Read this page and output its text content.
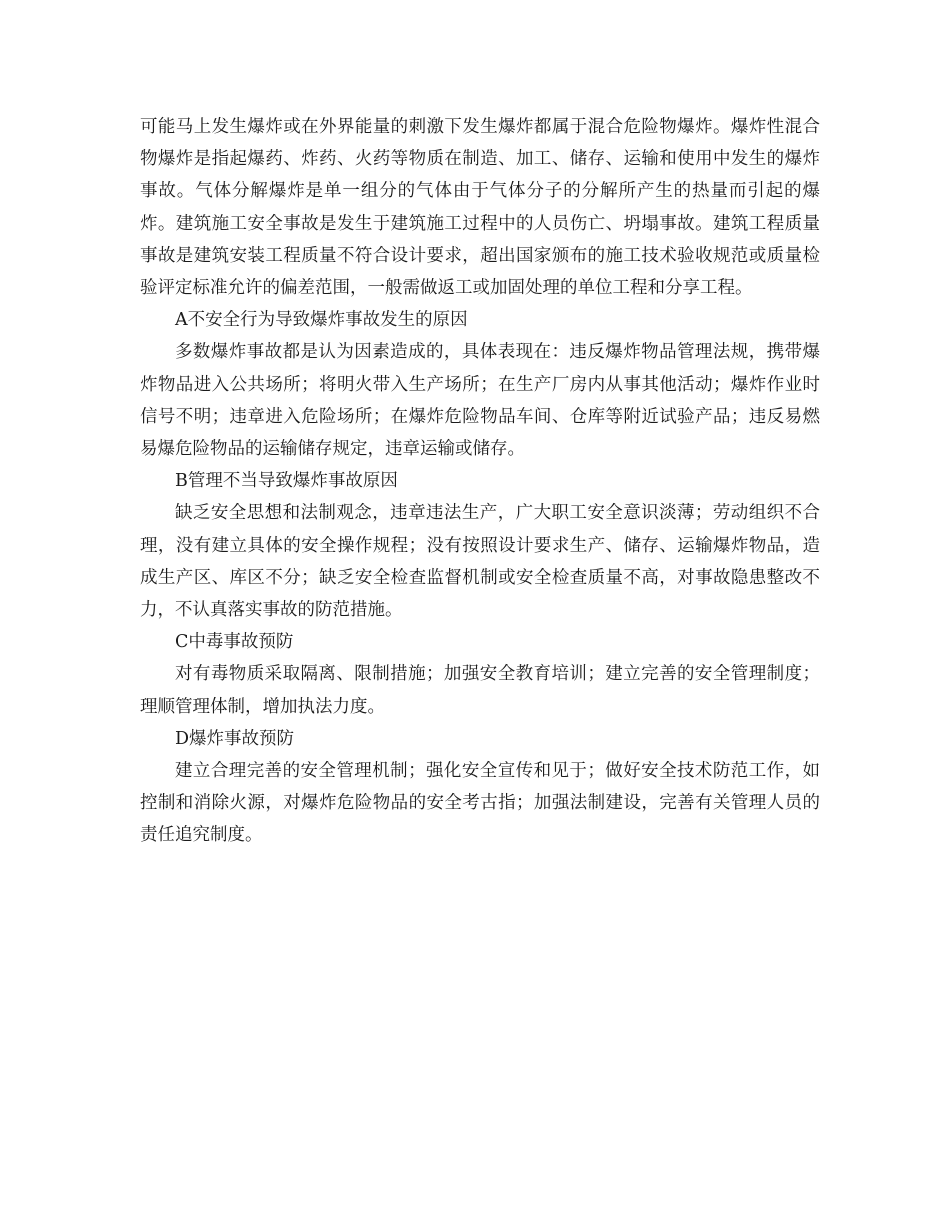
可能马上发生爆炸或在外界能量的刺激下发生爆炸都属于混合危险物爆炸。爆炸性混合物爆炸是指起爆药、炸药、火药等物质在制造、加工、储存、运输和使用中发生的爆炸事故。气体分解爆炸是单一组分的气体由于气体分子的分解所产生的热量而引起的爆炸。建筑施工安全事故是发生于建筑施工过程中的人员伤亡、坍塌事故。建筑工程质量事故是建筑安装工程质量不符合设计要求，超出国家颁布的施工技术验收规范或质量检验评定标准允许的偏差范围，一般需做返工或加固处理的单位工程和分享工程。

A不安全行为导致爆炸事故发生的原因

多数爆炸事故都是认为因素造成的，具体表现在：违反爆炸物品管理法规，携带爆炸物品进入公共场所；将明火带入生产场所；在生产厂房内从事其他活动；爆炸作业时信号不明；违章进入危险场所；在爆炸危险物品车间、仓库等附近试验产品；违反易燃易爆危险物品的运输储存规定，违章运输或储存。

B管理不当导致爆炸事故原因

缺乏安全思想和法制观念，违章违法生产，广大职工安全意识淡薄；劳动组织不合理，没有建立具体的安全操作规程；没有按照设计要求生产、储存、运输爆炸物品，造成生产区、库区不分；缺乏安全检查监督机制或安全检查质量不高，对事故隐患整改不力，不认真落实事故的防范措施。

C中毒事故预防

对有毒物质采取隔离、限制措施；加强安全教育培训；建立完善的安全管理制度；理顺管理体制，增加执法力度。

D爆炸事故预防

建立合理完善的安全管理机制；强化安全宣传和见于；做好安全技术防范工作，如控制和消除火源，对爆炸危险物品的安全考古指；加强法制建设，完善有关管理人员的责任追究制度。
